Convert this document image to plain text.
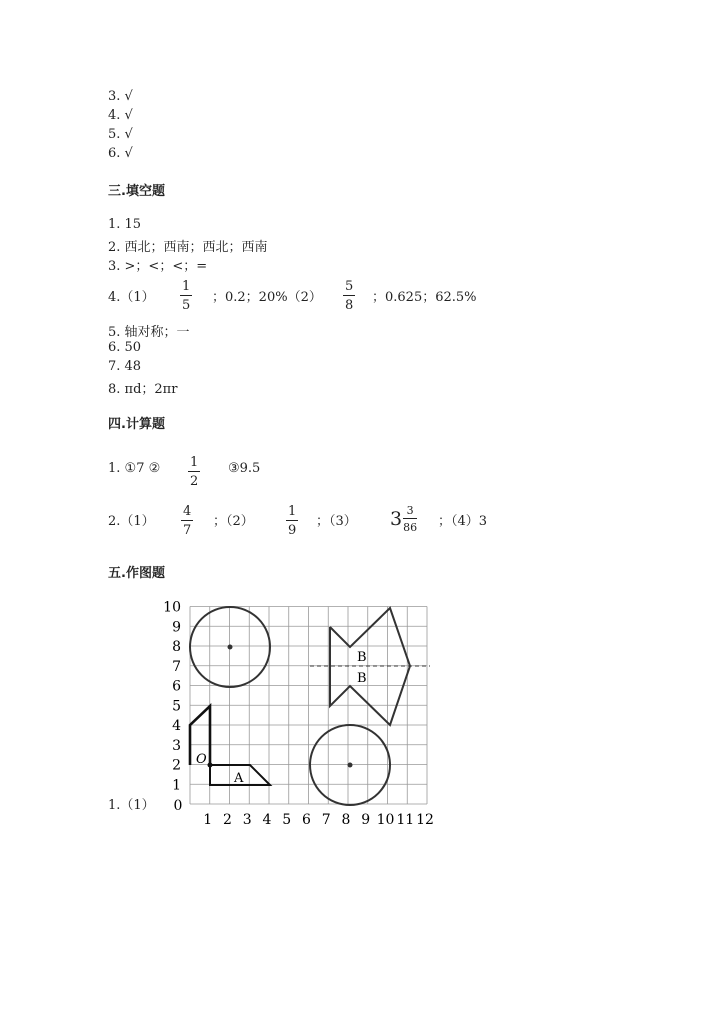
3. √
4. √
5. √
6. √
三.填空题
1. 15
2. 西北；西南；西北；西南
3. >；<；<；=
4.（1）
1
5
；0.2；20%（2）
5
8
；0.625；62.5%
5. 轴对称；一
6. 50
7. 48
8. πd；2πr
四.计算题
1. ①7 ② 1
2
③9.5
2.（1）
4
7
；（2）
1
9
；（3） $3 \frac{3}{86}$ ；（4）3
五.作图题
1.（1）
1
2
3
4
5
6
7
8
9
10
0
1 2 3 4 5 6 7 8 9 10 11 12
B
B
O
A
